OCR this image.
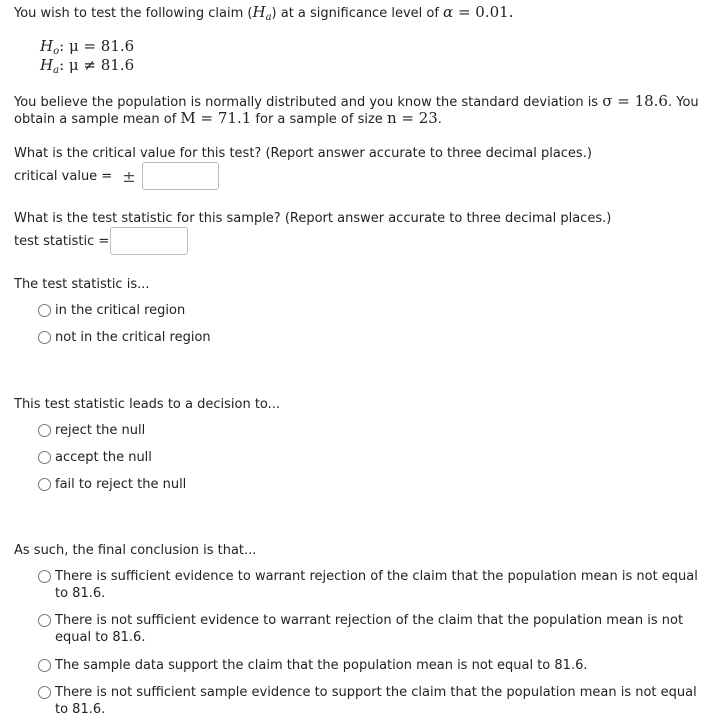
You wish to test the following claim $(H_a)$ at a significance level of α = 0.01.
$H_o$: μ = 81.6
$H_a$: μ ≠ 81.6
You believe the population is normally distributed and you know the standard deviation is σ = 18.6. You
obtain a sample mean of M = 71.1 for a sample of size n = 23.
What is the critical value for this test? (Report answer accurate to three decimal places.)
critical value = ±
What is the test statistic for this sample? (Report answer accurate to three decimal places.)
test statistic =
The test statistic is...
in the critical region
not in the critical region
This test statistic leads to a decision to...
reject the null
accept the null
fail to reject the null
As such, the final conclusion is that...
There is sufficient evidence to warrant rejection of the claim that the population mean is not equal to 81.6.
There is not sufficient evidence to warrant rejection of the claim that the population mean is not equal to 81.6.
The sample data support the claim that the population mean is not equal to 81.6.
There is not sufficient sample evidence to support the claim that the population mean is not equal to 81.6.
